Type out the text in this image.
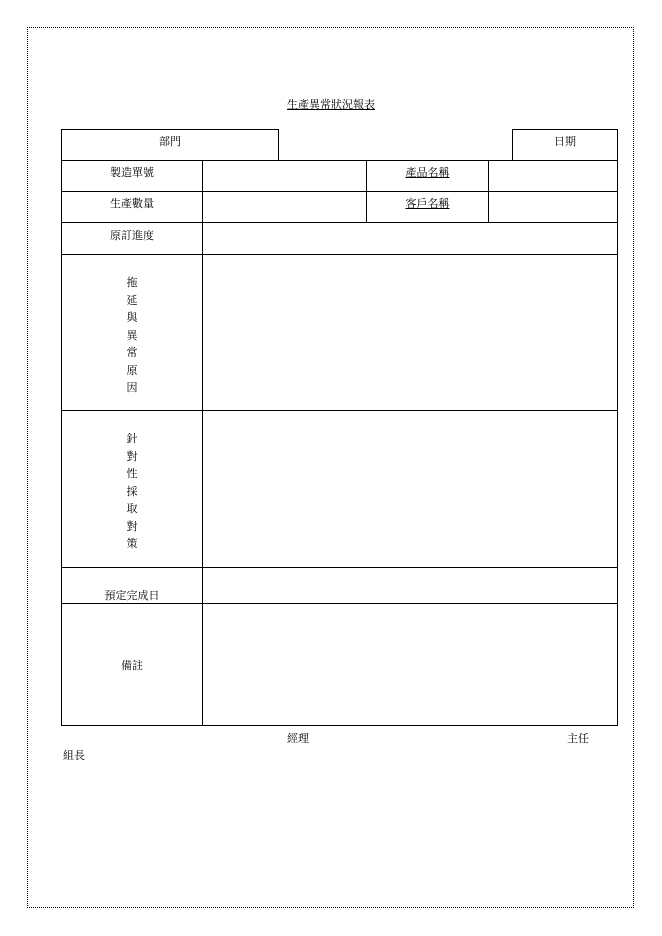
生產異常狀況報表
部門	日期
製造單號	產品名稱
生產數量	客戶名稱
原訂進度
拖
延
與
異
常
原
因
針
對
性
採
取
對
策
預定完成日
備註
經理	主任
組長
